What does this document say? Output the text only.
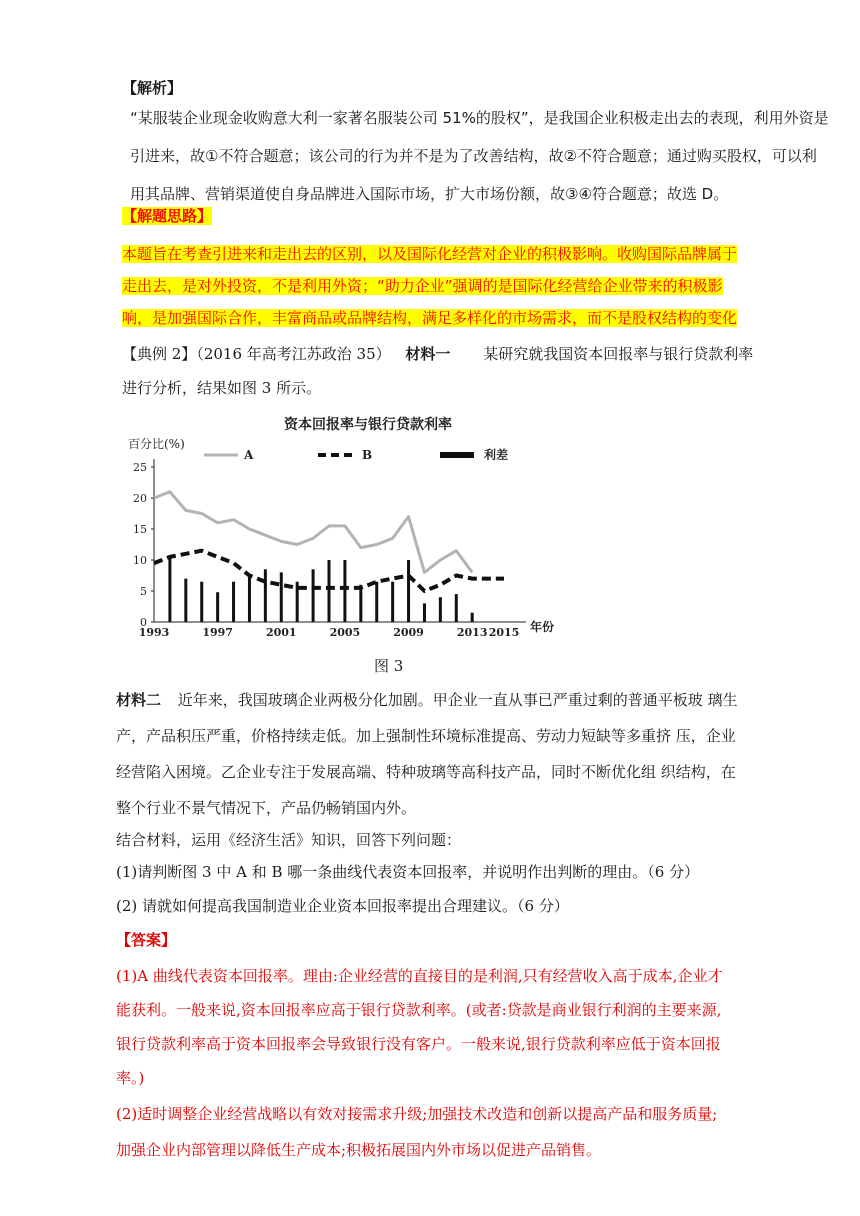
【解析】
“某服装企业现金收购意大利一家著名服装公司 51%的股权”，是我国企业积极走出去的表现，利用外资是
引进来，故①不符合题意；该公司的行为并不是为了改善结构，故②不符合题意；通过购买股权，可以利
用其品牌、营销渠道使自身品牌进入国际市场，扩大市场份额，故③④符合题意；故选 D。
【解题思路】
本题旨在考查引进来和走出去的区别，以及国际化经营对企业的积极影响。收购国际品牌属于
走出去，是对外投资，不是利用外资；“助力企业”强调的是国际化经营给企业带来的积极影
响，是加强国际合作，丰富商品或品牌结构，满足多样化的市场需求，而不是股权结构的变化
【典例 2】（2016 年高考江苏政治 35） 材料一 某研究就我国资本回报率与银行贷款利率
进行分析，结果如图 3 所示。
资本回报率与银行贷款利率
百分比(%)
年份
A	B	利差
0
5
10
15
20
25
1993	1997	2001	2005	2009	2013 2015
图 3
材料二 近年来，我国玻璃企业两极分化加剧。甲企业一直从事已严重过剩的普通平板玻 璃生
产，产品积压严重，价格持续走低。加上强制性环境标准提高、劳动力短缺等多重挤 压，企业
经营陷入困境。乙企业专注于发展高端、特种玻璃等高科技产品，同时不断优化组 织结构，在
整个行业不景气情况下，产品仍畅销国内外。
结合材料，运用《经济生活》知识，回答下列问题：
(1)请判断图 3 中 A 和 B 哪一条曲线代表资本回报率，并说明作出判断的理由。（6 分）
(2) 请就如何提高我国制造业企业资本回报率提出合理建议。（6 分）
【答案】
(1)A 曲线代表资本回报率。理由:企业经营的直接目的是利润,只有经营收入高于成本,企业才
能获利。一般来说,资本回报率应高于银行贷款利率。(或者:贷款是商业银行利润的主要来源,
银行贷款利率高于资本回报率会导致银行没有客户。一般来说,银行贷款利率应低于资本回报
率。)
(2)适时调整企业经营战略以有效对接需求升级;加强技术改造和创新以提高产品和服务质量;
加强企业内部管理以降低生产成本;积极拓展国内外市场以促进产品销售。
